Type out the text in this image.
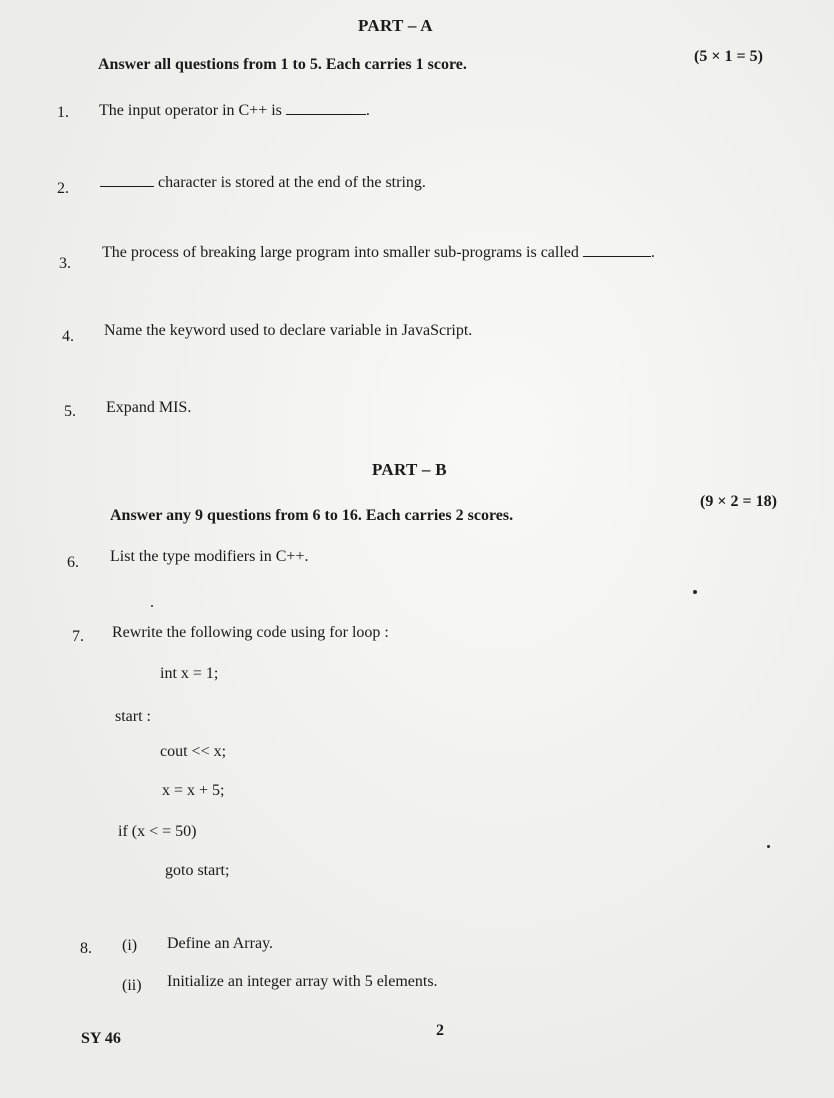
PART – A
Answer all questions from 1 to 5. Each carries 1 score.	(5 × 1 = 5)
1. The input operator in C++ is	.
2.	character is stored at the end of the string.
3.
The process of breaking large program into smaller sub-programs is called	.
4. Name the keyword used to declare variable in JavaScript.
5. Expand MIS.
PART – B
Answer any 9 questions from 6 to 16. Each carries 2 scores.
(9 × 2 = 18)
6. List the type modifiers in C++.
7. Rewrite the following code using for loop :
int x = 1;
start :
cout << x;
x = x + 5;
if (x < = 50)
goto start;
8. (i) Define an Array.
(ii) Initialize an integer array with 5 elements.
SY 46	2
